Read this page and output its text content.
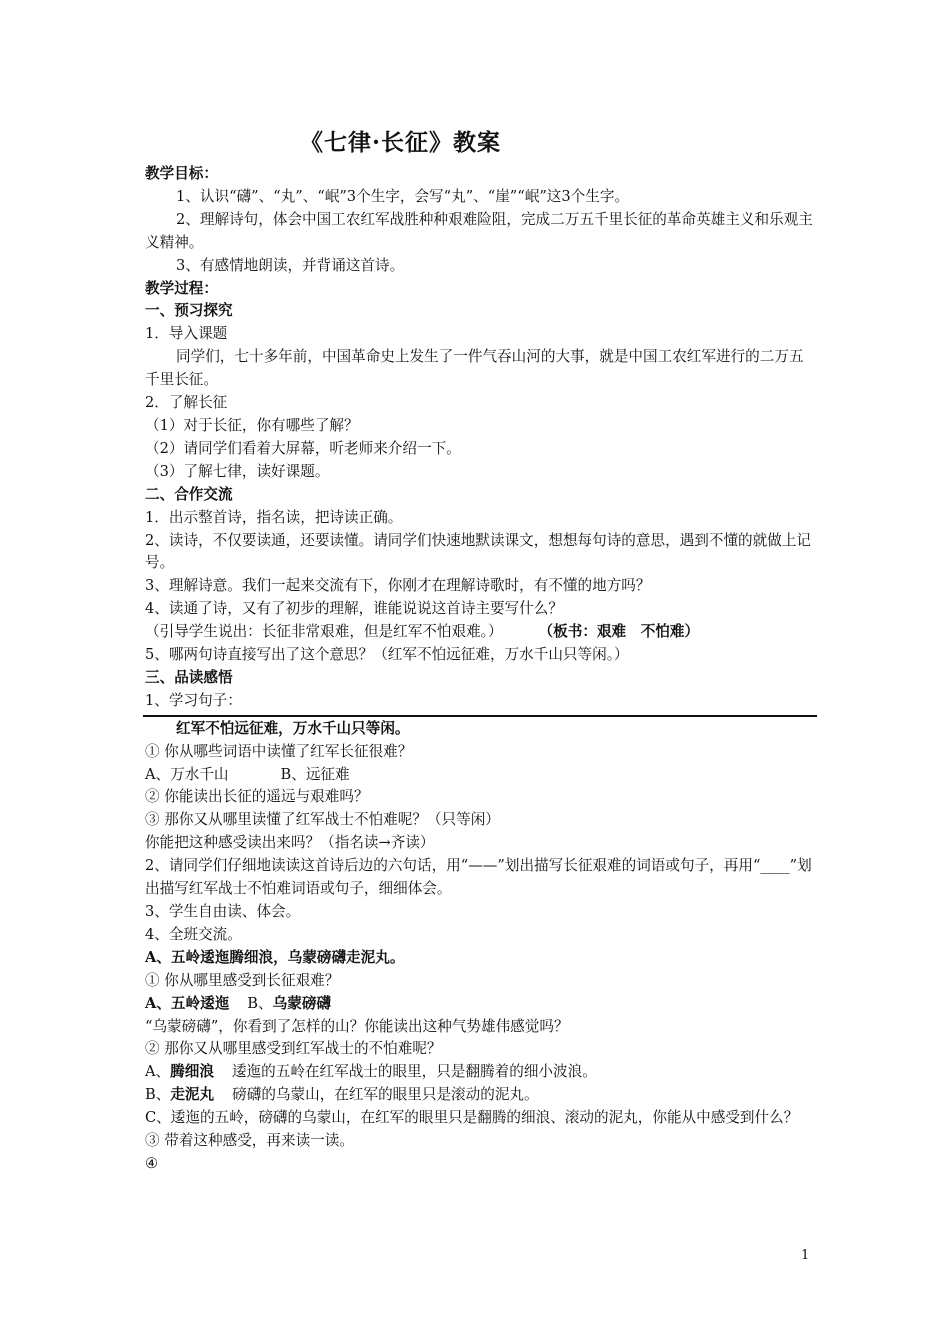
《七律·长征》教案

教学目标：

1、认识“礴”、“丸”、“岷”3个生字，会写“丸”、“崖”“岷”这3个生字。

2、理解诗句，体会中国工农红军战胜种种艰难险阻，完成二万五千里长征的革命英雄主义和乐观主义精神。

3、有感情地朗读，并背诵这首诗。

教学过程：

一、预习探究

1．导入课题

同学们，七十多年前，中国革命史上发生了一件气吞山河的大事，就是中国工农红军进行的二万五千里长征。

2．了解长征

（1）对于长征，你有哪些了解？

（2）请同学们看着大屏幕，听老师来介绍一下。

（3）了解七律，读好课题。

二、合作交流

1．出示整首诗，指名读，把诗读正确。

2、读诗，不仅要读通，还要读懂。请同学们快速地默读课文，想想每句诗的意思，遇到不懂的就做上记号。

3、理解诗意。我们一起来交流有下，你刚才在理解诗歌时，有不懂的地方吗？

4、读通了诗，又有了初步的理解，谁能说说这首诗主要写什么？

（引导学生说出：长征非常艰难，但是红军不怕艰难。） （板书：艰难　不怕难）

5、哪两句诗直接写出了这个意思？（红军不怕远征难，万水千山只等闲。）

三、品读感悟

1、学习句子：

红军不怕远征难，万水千山只等闲。

① 你从哪些词语中读懂了红军长征很难？

A、万水千山	B、远征难

② 你能读出长征的遥远与艰难吗？

③ 那你又从哪里读懂了红军战士不怕难呢？（只等闲）

你能把这种感受读出来吗？（指名读→齐读）

2、请同学们仔细地读读这首诗后边的六句话，用“——”划出描写长征艰难的词语或句子，再用“____”划出描写红军战士不怕难词语或句子，细细体会。

3、学生自由读、体会。

4、全班交流。

A、五岭逶迤腾细浪，乌蒙磅礴走泥丸。

① 你从哪里感受到长征艰难？

A、五岭逶迤 B、乌蒙磅礴

“乌蒙磅礴”，你看到了怎样的山？你能读出这种气势雄伟感觉吗？

② 那你又从哪里感受到红军战士的不怕难呢？

A、腾细浪 逶迤的五岭在红军战士的眼里，只是翻腾着的细小波浪。

B、走泥丸 磅礴的乌蒙山，在红军的眼里只是滚动的泥丸。

C、逶迤的五岭，磅礴的乌蒙山，在红军的眼里只是翻腾的细浪、滚动的泥丸，你能从中感受到什么？

③ 带着这种感受，再来读一读。

④

1
